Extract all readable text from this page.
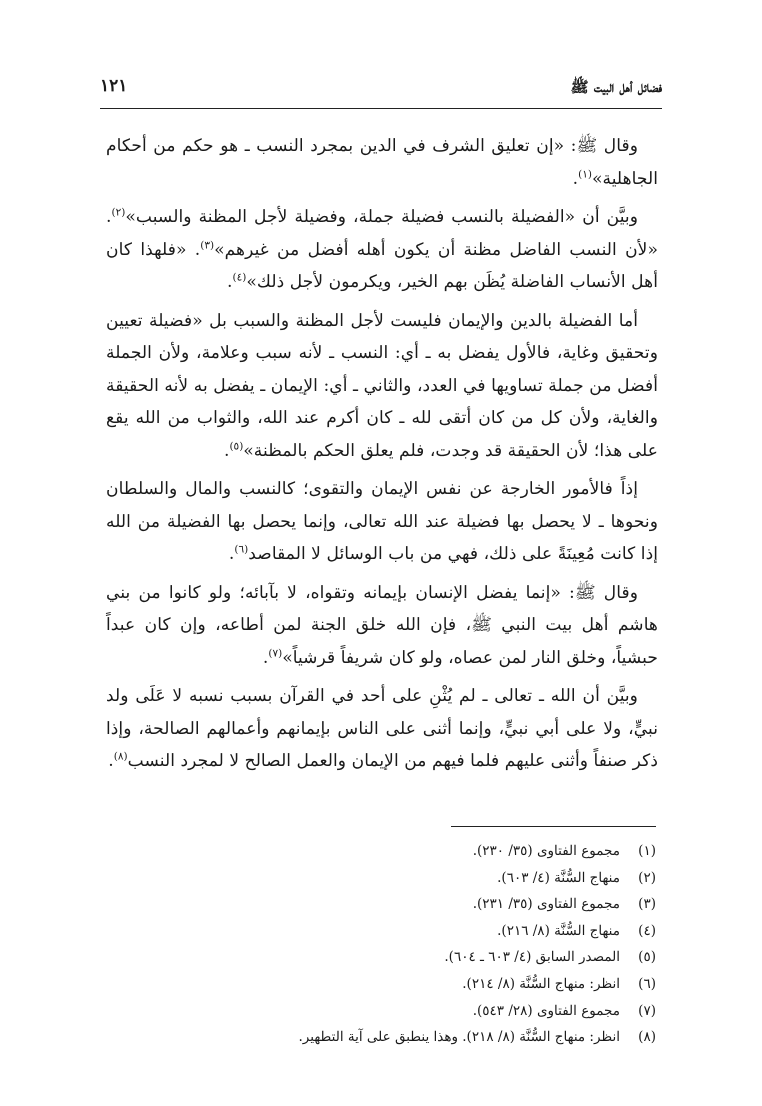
فضائل أهل البيت ﷺ
١٢١

وقال ﷺ: «إن تعليق الشرف في الدين بمجرد النسب ـ هو حكم من أحكام الجاهلية»$^{(١)}$.

وبيَّن أن «الفضيلة بالنسب فضيلة جملة، وفضيلة لأجل المظنة والسبب»$^{(٢)}$. «لأن النسب الفاضل مظنة أن يكون أهله أفضل من غيرهم»$^{(٣)}$. «فلهذا كان أهل الأنساب الفاضلة يُظَن بهم الخير، ويكرمون لأجل ذلك»$^{(٤)}$.

أما الفضيلة بالدين والإيمان فليست لأجل المظنة والسبب بل «فضيلة تعيين وتحقيق وغاية، فالأول يفضل به ـ أي: النسب ـ لأنه سبب وعلامة، ولأن الجملة أفضل من جملة تساويها في العدد، والثاني ـ أي: الإيمان ـ يفضل به لأنه الحقيقة والغاية، ولأن كل من كان أتقى لله ـ كان أكرم عند الله، والثواب من الله يقع على هذا؛ لأن الحقيقة قد وجدت، فلم يعلق الحكم بالمظنة»$^{(٥)}$.

إذاً فالأمور الخارجة عن نفس الإيمان والتقوى؛ كالنسب والمال والسلطان ونحوها ـ لا يحصل بها فضيلة عند الله تعالى، وإنما يحصل بها الفضيلة من الله إذا كانت مُعِينَةً على ذلك، فهي من باب الوسائل لا المقاصد$^{(٦)}$.

وقال ﷺ: «إنما يفضل الإنسان بإيمانه وتقواه، لا بآبائه؛ ولو كانوا من بني هاشم أهل بيت النبي ﷺ، فإن الله خلق الجنة لمن أطاعه، وإن كان عبداً حبشياً، وخلق النار لمن عصاه، ولو كان شريفاً قرشياً»$^{(٧)}$.

وبيَّن أن الله ـ تعالى ـ لم يُثْنِ على أحد في القرآن بسبب نسبه لا عَلَى ولد نبيٍّ، ولا على أبي نبيٍّ، وإنما أثنى على الناس بإيمانهم وأعمالهم الصالحة، وإذا ذكر صنفاً وأثنى عليهم فلما فيهم من الإيمان والعمل الصالح لا لمجرد النسب$^{(٨)}$.

(١)
مجموع الفتاوى (٣٥/ ٢٣٠).
(٢)
منهاج السُّنَّة (٤/ ٦٠٣).
(٣)
مجموع الفتاوى (٣٥/ ٢٣١).
(٤)
منهاج السُّنَّة (٨/ ٢١٦).
(٥)
المصدر السابق (٤/ ٦٠٣ ـ ٦٠٤).
(٦)
انظر: منهاج السُّنَّة (٨/ ٢١٤).
(٧)
مجموع الفتاوى (٢٨/ ٥٤٣).
(٨)
انظر: منهاج السُّنَّة (٨/ ٢١٨). وهذا ينطبق على آية التطهير.
